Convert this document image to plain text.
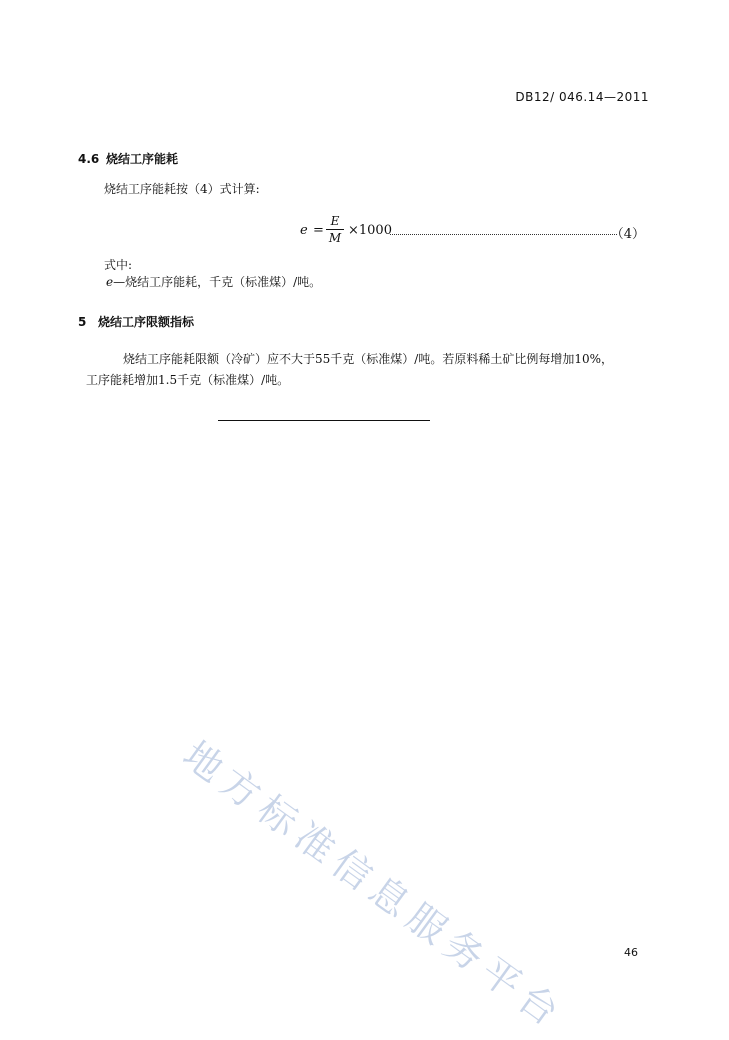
DB12/ 046.14—2011
4.6 烧结工序能耗
烧结工序能耗按（4）式计算:
e =
E
M ×1000	（4）
式中:
e—烧结工序能耗，千克（标准煤）/吨。
5 烧结工序限额指标
烧结工序能耗限额（冷矿）应不大于55千克（标准煤）/吨。若原料稀土矿比例每增加10%，
工序能耗增加1.5千克（标准煤）/吨。
地方标准信息服务平台	46
